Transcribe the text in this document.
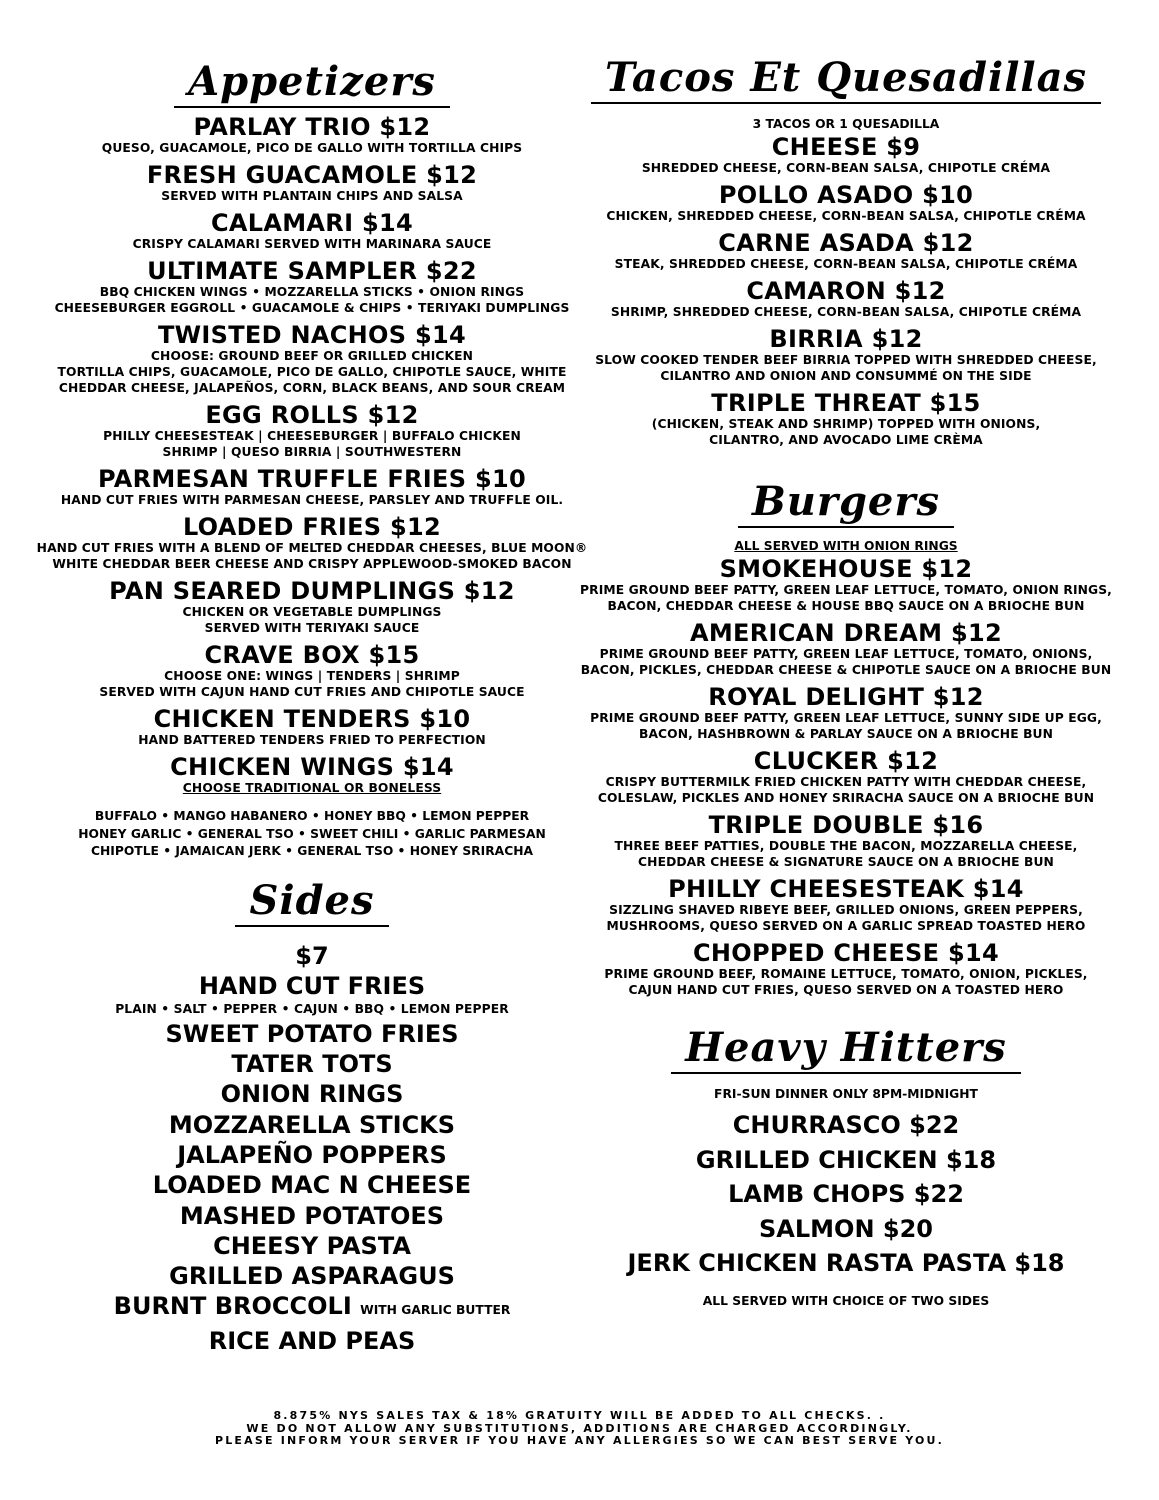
Appetizers
PARLAY TRIO $12
QUESO, GUACAMOLE, PICO DE GALLO WITH TORTILLA CHIPS
FRESH GUACAMOLE $12
SERVED WITH PLANTAIN CHIPS AND SALSA
CALAMARI $14
CRISPY CALAMARI SERVED WITH MARINARA SAUCE
ULTIMATE SAMPLER $22
BBQ CHICKEN WINGS • MOZZARELLA STICKS • ONION RINGS
CHEESEBURGER EGGROLL • GUACAMOLE & CHIPS • TERIYAKI DUMPLINGS
TWISTED NACHOS $14
CHOOSE: GROUND BEEF OR GRILLED CHICKEN
TORTILLA CHIPS, GUACAMOLE, PICO DE GALLO, CHIPOTLE SAUCE, WHITE
CHEDDAR CHEESE, JALAPEÑOS, CORN, BLACK BEANS, AND SOUR CREAM
EGG ROLLS $12
PHILLY CHEESESTEAK | CHEESEBURGER | BUFFALO CHICKEN
SHRIMP | QUESO BIRRIA | SOUTHWESTERN
PARMESAN TRUFFLE FRIES $10
HAND CUT FRIES WITH PARMESAN CHEESE, PARSLEY AND TRUFFLE OIL.
LOADED FRIES $12
HAND CUT FRIES WITH A BLEND OF MELTED CHEDDAR CHEESES, BLUE MOON®
WHITE CHEDDAR BEER CHEESE AND CRISPY APPLEWOOD-SMOKED BACON
PAN SEARED DUMPLINGS $12
CHICKEN OR VEGETABLE DUMPLINGS
SERVED WITH TERIYAKI SAUCE
CRAVE BOX $15
CHOOSE ONE: WINGS | TENDERS | SHRIMP
SERVED WITH CAJUN HAND CUT FRIES AND CHIPOTLE SAUCE
CHICKEN TENDERS $10
HAND BATTERED TENDERS FRIED TO PERFECTION
CHICKEN WINGS $14
CHOOSE TRADITIONAL OR BONELESS
BUFFALO • MANGO HABANERO • HONEY BBQ • LEMON PEPPER
HONEY GARLIC • GENERAL TSO • SWEET CHILI • GARLIC PARMESAN
CHIPOTLE • JAMAICAN JERK • GENERAL TSO • HONEY SRIRACHA
Sides
$7
HAND CUT FRIES
PLAIN • SALT • PEPPER • CAJUN • BBQ • LEMON PEPPER
SWEET POTATO FRIES
TATER TOTS
ONION RINGS
MOZZARELLA STICKS
JALAPEÑO POPPERS
LOADED MAC N CHEESE
MASHED POTATOES
CHEESY PASTA
GRILLED ASPARAGUS
BURNT BROCCOLI WITH GARLIC BUTTER
RICE AND PEAS
Tacos Et Quesadillas
3 TACOS OR 1 QUESADILLA
CHEESE $9
SHREDDED CHEESE, CORN-BEAN SALSA, CHIPOTLE CRÉMA
POLLO ASADO $10
CHICKEN, SHREDDED CHEESE, CORN-BEAN SALSA, CHIPOTLE CRÉMA
CARNE ASADA $12
STEAK, SHREDDED CHEESE, CORN-BEAN SALSA, CHIPOTLE CRÉMA
CAMARON $12
SHRIMP, SHREDDED CHEESE, CORN-BEAN SALSA, CHIPOTLE CRÉMA
BIRRIA $12
SLOW COOKED TENDER BEEF BIRRIA TOPPED WITH SHREDDED CHEESE,
CILANTRO AND ONION AND CONSUMMÉ ON THE SIDE
TRIPLE THREAT $15
(CHICKEN, STEAK AND SHRIMP) TOPPED WITH ONIONS,
CILANTRO, AND AVOCADO LIME CRÈMA
Burgers
ALL SERVED WITH ONION RINGS
SMOKEHOUSE $12
PRIME GROUND BEEF PATTY, GREEN LEAF LETTUCE, TOMATO, ONION RINGS,
BACON, CHEDDAR CHEESE & HOUSE BBQ SAUCE ON A BRIOCHE BUN
AMERICAN DREAM $12
PRIME GROUND BEEF PATTY, GREEN LEAF LETTUCE, TOMATO, ONIONS,
BACON, PICKLES, CHEDDAR CHEESE & CHIPOTLE SAUCE ON A BRIOCHE BUN
ROYAL DELIGHT $12
PRIME GROUND BEEF PATTY, GREEN LEAF LETTUCE, SUNNY SIDE UP EGG,
BACON, HASHBROWN & PARLAY SAUCE ON A BRIOCHE BUN
CLUCKER $12
CRISPY BUTTERMILK FRIED CHICKEN PATTY WITH CHEDDAR CHEESE,
COLESLAW, PICKLES AND HONEY SRIRACHA SAUCE ON A BRIOCHE BUN
TRIPLE DOUBLE $16
THREE BEEF PATTIES, DOUBLE THE BACON, MOZZARELLA CHEESE,
CHEDDAR CHEESE & SIGNATURE SAUCE ON A BRIOCHE BUN
PHILLY CHEESESTEAK $14
SIZZLING SHAVED RIBEYE BEEF, GRILLED ONIONS, GREEN PEPPERS,
MUSHROOMS, QUESO SERVED ON A GARLIC SPREAD TOASTED HERO
CHOPPED CHEESE $14
PRIME GROUND BEEF, ROMAINE LETTUCE, TOMATO, ONION, PICKLES,
CAJUN HAND CUT FRIES, QUESO SERVED ON A TOASTED HERO
Heavy Hitters
FRI-SUN DINNER ONLY 8PM-MIDNIGHT
CHURRASCO $22
GRILLED CHICKEN $18
LAMB CHOPS $22
SALMON $20
JERK CHICKEN RASTA PASTA $18
ALL SERVED WITH CHOICE OF TWO SIDES
8.875% NYS SALES TAX & 18% GRATUITY WILL BE ADDED TO ALL CHECKS. .
WE DO NOT ALLOW ANY SUBSTITUTIONS, ADDITIONS ARE CHARGED ACCORDINGLY.
PLEASE INFORM YOUR SERVER IF YOU HAVE ANY ALLERGIES SO WE CAN BEST SERVE YOU.
